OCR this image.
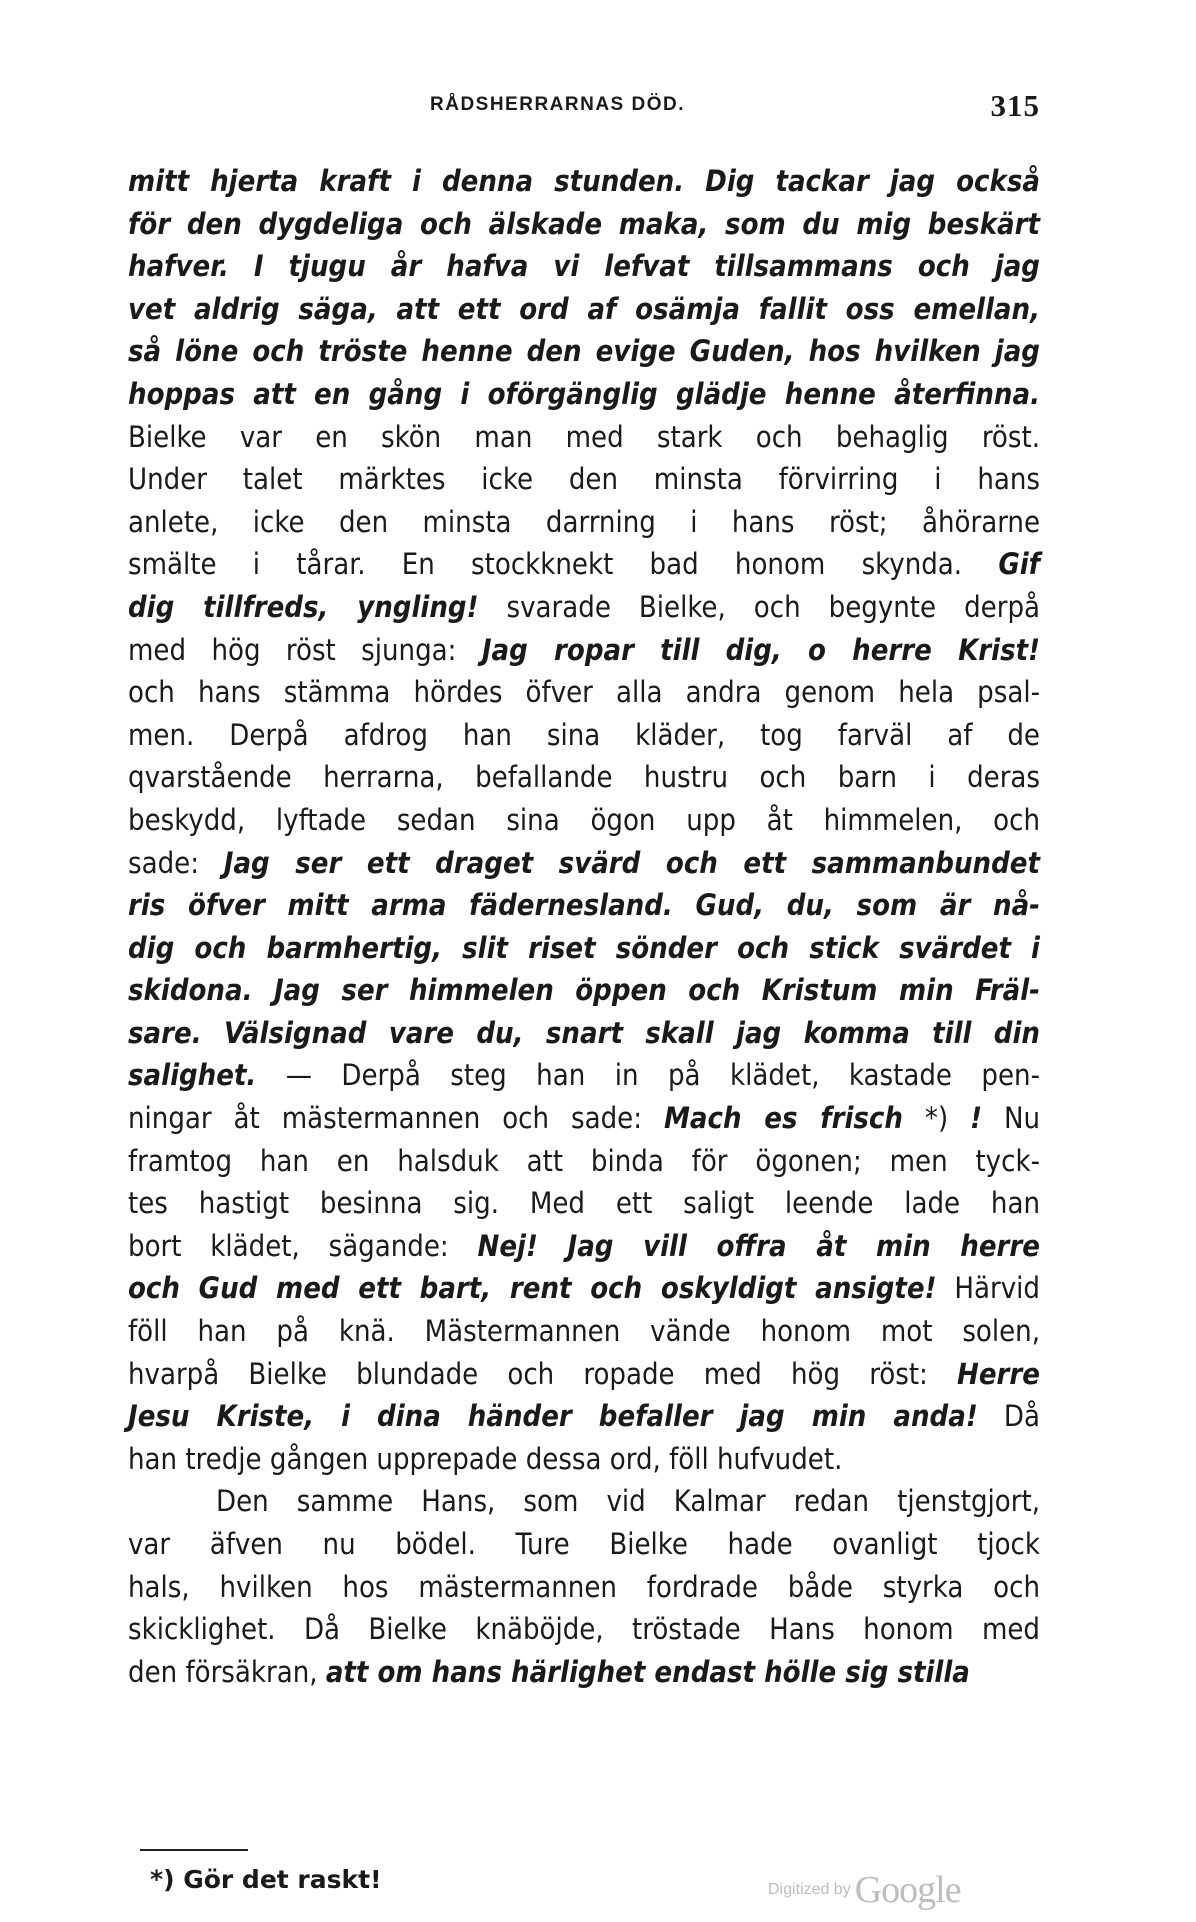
RÅDSHERRARNAS DÖD.	315
mitt hjerta kraft i denna stunden. Dig tackar jag också
för den dygdeliga och älskade maka, som du mig beskärt
hafver. I tjugu år hafva vi lefvat tillsammans och jag
vet aldrig säga, att ett ord af osämja fallit oss emellan,
så löne och tröste henne den evige Guden, hos hvilken jag
hoppas att en gång i oförgänglig glädje henne återfinna.
Bielke var en skön man med stark och behaglig röst.
Under talet märktes icke den minsta förvirring i hans
anlete, icke den minsta darrning i hans röst; åhörarne
smälte i tårar. En stockknekt bad honom skynda. Gif
dig tillfreds, yngling! svarade Bielke, och begynte derpå
med hög röst sjunga: Jag ropar till dig, o herre Krist!
och hans stämma hördes öfver alla andra genom hela psal-
men. Derpå afdrog han sina kläder, tog farväl af de
qvarstående herrarna, befallande hustru och barn i deras
beskydd, lyftade sedan sina ögon upp åt himmelen, och
sade: Jag ser ett draget svärd och ett sammanbundet
ris öfver mitt arma fädernesland. Gud, du, som är nå-
dig och barmhertig, slit riset sönder och stick svärdet i
skidona. Jag ser himmelen öppen och Kristum min Fräl-
sare. Välsignad vare du, snart skall jag komma till din
salighet. — Derpå steg han in på klädet, kastade pen-
ningar åt mästermannen och sade: Mach es frisch *) ! Nu
framtog han en halsduk att binda för ögonen; men tyck-
tes hastigt besinna sig. Med ett saligt leende lade han
bort klädet, sägande: Nej! Jag vill offra åt min herre
och Gud med ett bart, rent och oskyldigt ansigte! Härvid
föll han på knä. Mästermannen vände honom mot solen,
hvarpå Bielke blundade och ropade med hög röst: Herre
Jesu Kriste, i dina händer befaller jag min anda! Då
han tredje gången upprepade dessa ord, föll hufvudet.
Den samme Hans, som vid Kalmar redan tjenstgjort,
var äfven nu bödel. Ture Bielke hade ovanligt tjock
hals, hvilken hos mästermannen fordrade både styrka och
skicklighet. Då Bielke knäböjde, tröstade Hans honom med
den försäkran, att om hans härlighet endast hölle sig stilla
*) Gör det raskt!	Digitized by Google
